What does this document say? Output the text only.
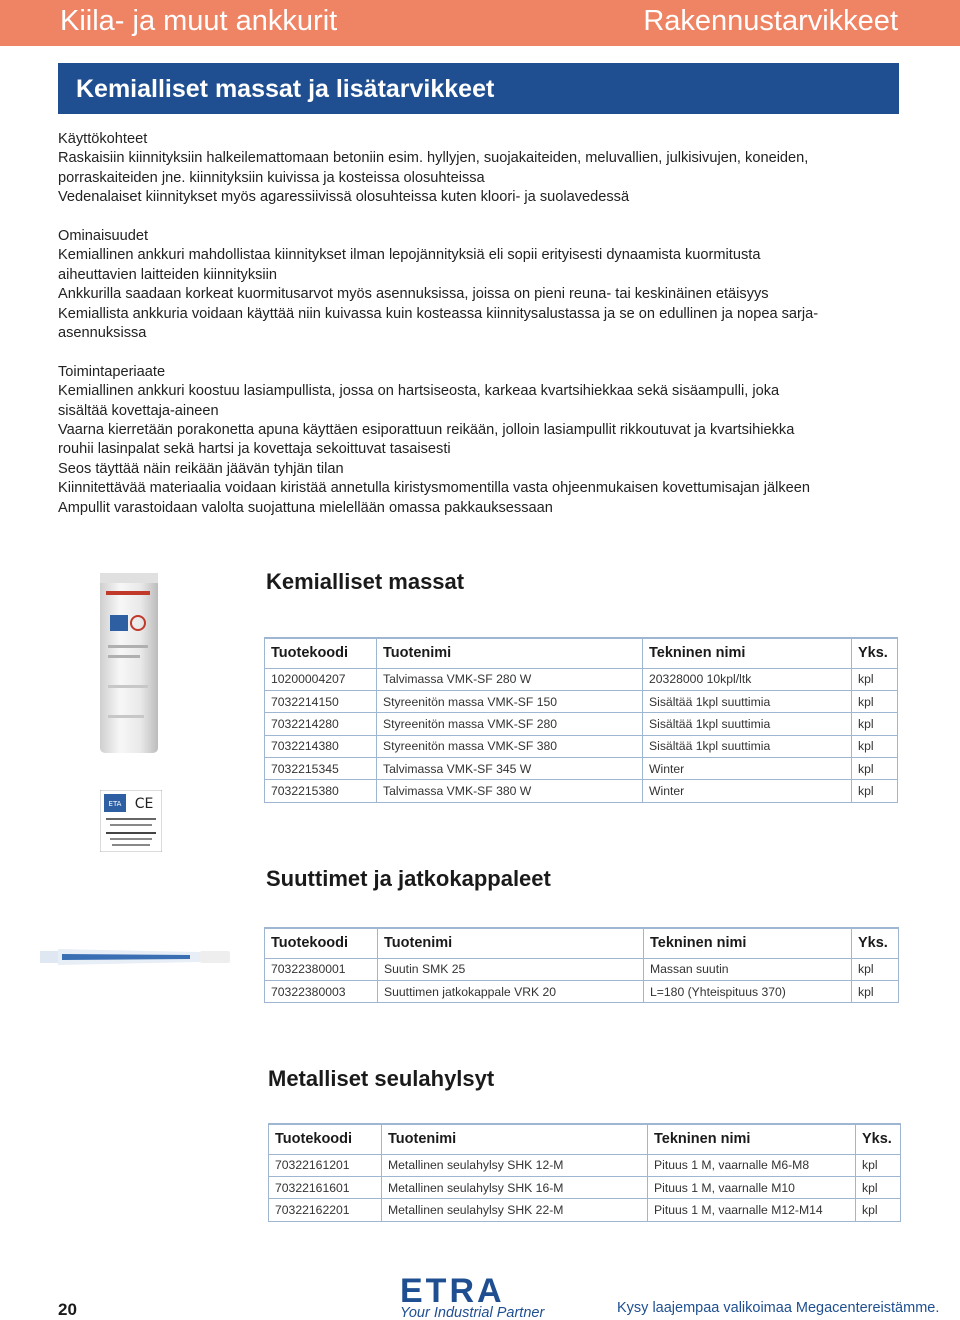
Kiila- ja muut ankkurit	Rakennustarvikkeet
Kemialliset massat ja lisätarvikkeet

Käyttökohteet

Raskaisiin kiinnityksiin halkeilemattomaan betoniin esim. hyllyjen, suojakaiteiden, meluvallien, julkisivujen, koneiden,

porraskaiteiden jne. kiinnityksiin kuivissa ja kosteissa olosuhteissa

Vedenalaiset kiinnitykset myös agaressiivissä olosuhteissa kuten kloori- ja suolavedessä

Ominaisuudet

Kemiallinen ankkuri mahdollistaa kiinnitykset ilman lepojännityksiä eli sopii erityisesti dynaamista kuormitusta

aiheuttavien laitteiden kiinnityksiin

Ankkurilla saadaan korkeat kuormitusarvot myös asennuksissa, joissa on pieni reuna- tai keskinäinen etäisyys

Kemiallista ankkuria voidaan käyttää niin kuivassa kuin kosteassa kiinnitysalustassa ja se on edullinen ja nopea sarja-

asennuksissa

Toimintaperiaate

Kemiallinen ankkuri koostuu lasiampullista, jossa on hartsiseosta, karkeaa kvartsihiekkaa sekä sisäampulli, joka

sisältää kovettaja-aineen

Vaarna kierretään porakonetta apuna käyttäen esiporattuun reikään, jolloin lasiampullit rikkoutuvat ja kvartsihiekka

rouhii lasinpalat sekä hartsi ja kovettaja sekoittuvat tasaisesti

Seos täyttää näin reikään jäävän tyhjän tilan

Kiinnitettävää materiaalia voidaan kiristää annetulla kiristysmomentilla vasta ohjeenmukaisen kovettumisajan jälkeen

Ampullit varastoidaan valolta suojattuna mielellään omassa pakkauksessaan

ETA CE
Kemialliset massat
Tuotekoodi	Tuotenimi	Tekninen nimi	Yks.
10200004207	Talvimassa VMK-SF 280 W	20328000 10kpl/ltk	kpl
7032214150	Styreenitön massa VMK-SF 150	Sisältää 1kpl suuttimia	kpl
7032214280	Styreenitön massa VMK-SF 280	Sisältää 1kpl suuttimia	kpl
7032214380	Styreenitön massa VMK-SF 380	Sisältää 1kpl suuttimia	kpl
7032215345	Talvimassa VMK-SF 345 W	Winter	kpl
7032215380	Talvimassa VMK-SF 380 W	Winter	kpl
Suuttimet ja jatkokappaleet
Tuotekoodi	Tuotenimi	Tekninen nimi	Yks.
70322380001	Suutin SMK 25	Massan suutin	kpl
70322380003	Suuttimen jatkokappale VRK 20	L=180 (Yhteispituus 370)	kpl
Metalliset seulahylsyt
Tuotekoodi	Tuotenimi	Tekninen nimi	Yks.
70322161201	Metallinen seulahylsy SHK 12-M	Pituus 1 M, vaarnalle M6-M8	kpl
70322161601	Metallinen seulahylsy SHK 16-M	Pituus 1 M, vaarnalle M10	kpl
70322162201	Metallinen seulahylsy SHK 22-M	Pituus 1 M, vaarnalle M12-M14	kpl
20	ETRA
Your Industrial Partner	Kysy laajempaa valikoimaa Megacentereistämme.
